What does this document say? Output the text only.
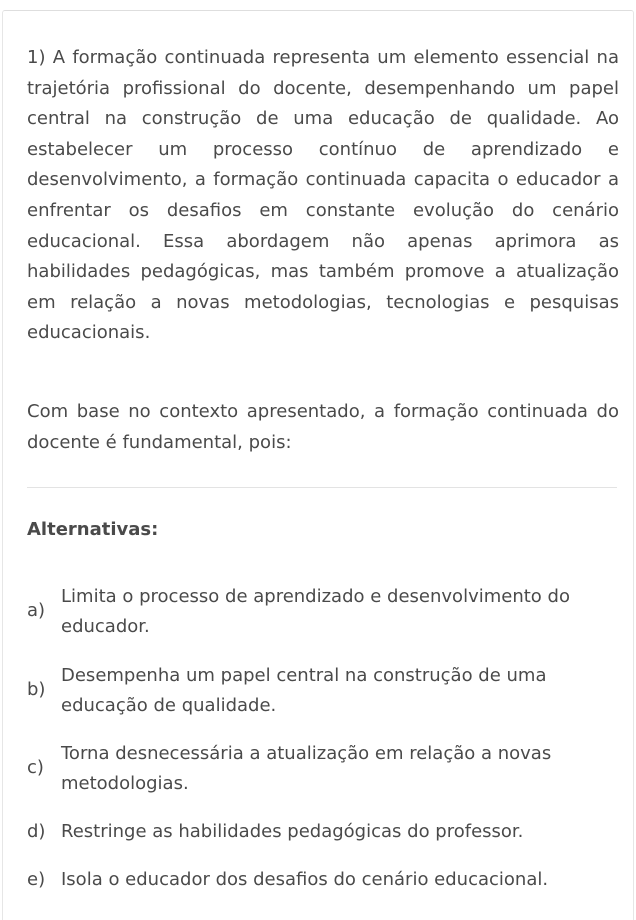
1) A formação continuada representa um elemento essencial na trajetória profissional do docente, desempenhando um papel central na construção de uma educação de qualidade. Ao estabelecer um processo contínuo de aprendizado e desenvolvimento, a formação continuada capacita o educador a enfrentar os desafios em constante evolução do cenário educacional. Essa abordagem não apenas aprimora as habilidades pedagógicas, mas também promove a atualização em relação a novas metodologias, tecnologias e pesquisas educacionais.

Com base no contexto apresentado, a formação continuada do docente é fundamental, pois:

Alternativas:

a)
Limita o processo de aprendizado e desenvolvimento do educador.
b)
Desempenha um papel central na construção de uma educação de qualidade.
c)
Torna desnecessária a atualização em relação a novas metodologias.
d) Restringe as habilidades pedagógicas do professor.
e) Isola o educador dos desafios do cenário educacional.
